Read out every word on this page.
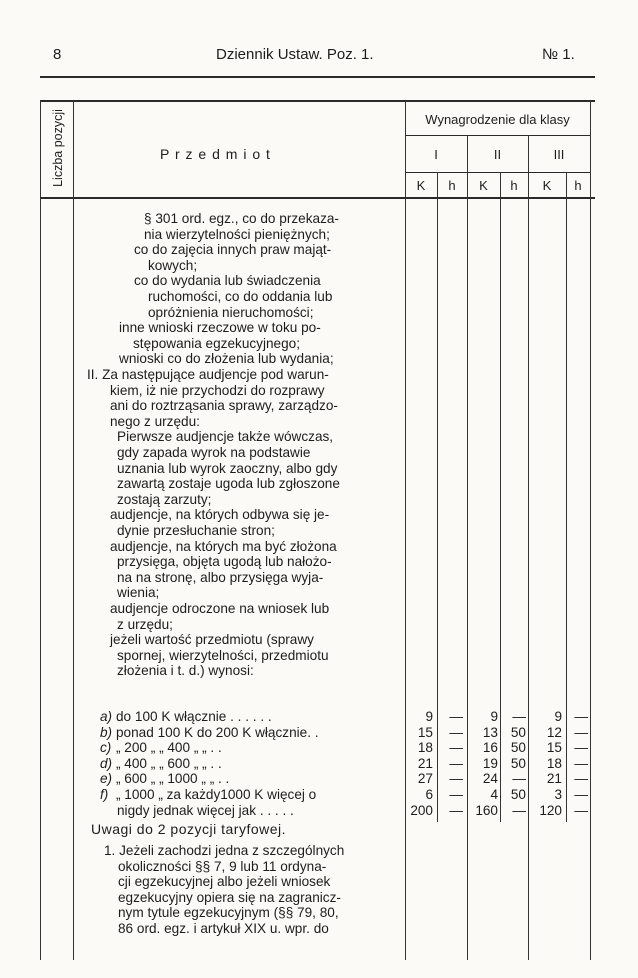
8	Dziennik Ustaw. Poz. 1.	№ 1.
Liczba pozycji	P r z e d m i o t
Wynagrodzenie dla klasy
I	II	III
K	h	K	h	K	h
§ 301 ord. egz., co do przekaza-
nia wierzytelności pieniężnych;
co do zajęcia innych praw mająt-
kowych;
co do wydania lub świadczenia
ruchomości, co do oddania lub
opróżnienia nieruchomości;
inne wnioski rzeczowe w toku po-
stępowania egzekucyjnego;
wnioski co do złożenia lub wydania;
II. Za następujące audjencje pod warun-
kiem, iż nie przychodzi do rozprawy
ani do roztrząsania sprawy, zarządzo-
nego z urzędu:
Pierwsze audjencje także wówczas,
gdy zapada wyrok na podstawie
uznania lub wyrok zaoczny, albo gdy
zawartą zostaje ugoda lub zgłoszone
zostają zarzuty;
audjencje, na których odbywa się je-
dynie przesłuchanie stron;
audjencje, na których ma być złożona
przysięga, objęta ugodą lub nałożo-
na na stronę, albo przysięga wyja-
wienia;
audjencje odroczone na wniosek lub
z urzędu;
jeżeli wartość przedmiotu (sprawy
spornej, wierzytelności, przedmiotu
złożenia i t. d.) wynosi:
a) do 100 K włącznie . . . . . .	9 — 9 — 9 —
b) ponad 100 K do 200 K włącznie. .	15 — 13 50 12 —
c) „ 200 „ „ 400 „ „ . .	18 — 16 50 15 —
d) „ 400 „ „ 600 „ „ . .	21 — 19 50 18 —
e) „ 600 „ „ 1000 „ „ . .	27 — 24 — 21 —
f) „ 1000 „ za każdy1000 K więcej o	6 — 4 50 3 —
nigdy jednak więcej jak . . . . .	200 — 160 — 120 —
Uwagi do 2 pozycji taryfowej.
1. Jeżeli zachodzi jedna z szczególnych
okoliczności §§ 7, 9 lub 11 ordyna-
cji egzekucyjnej albo jeżeli wniosek
egzekucyjny opiera się na zagranicz-
nym tytule egzekucyjnym (§§ 79, 80,
86 ord. egz. i artykuł XIX u. wpr. do
